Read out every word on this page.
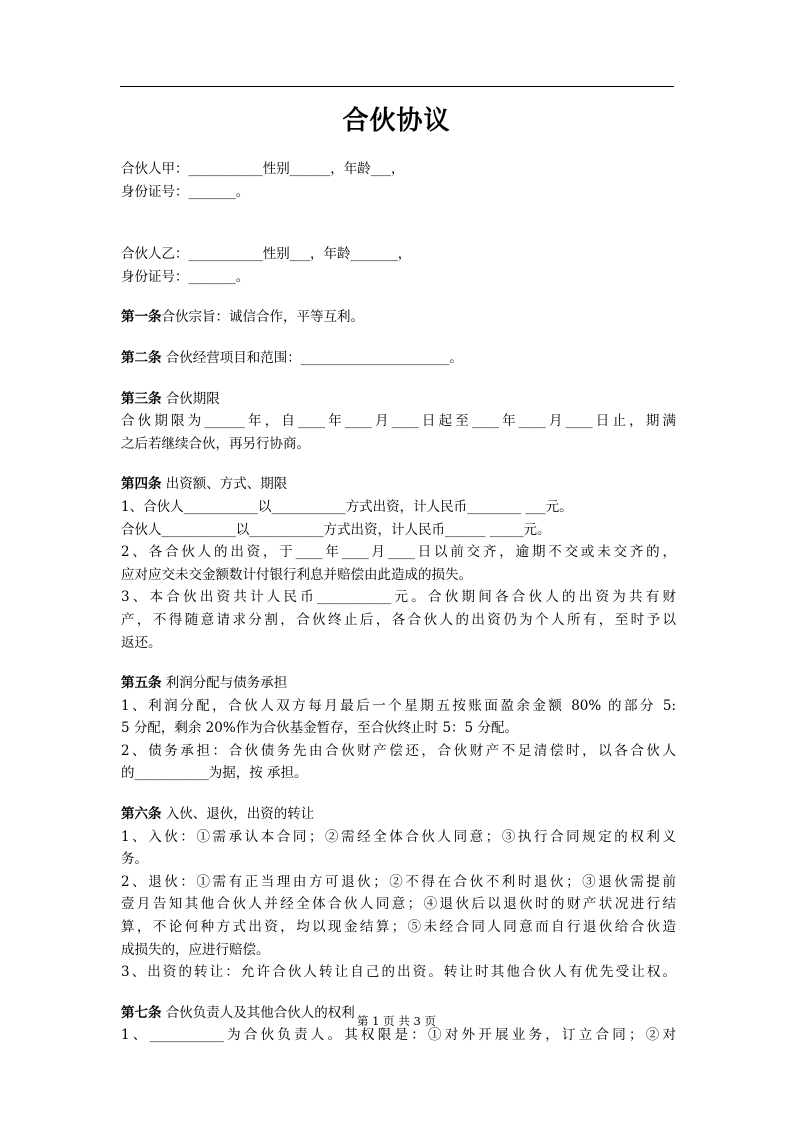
合伙协议
合伙人甲：___________性别______，年龄___，
身份证号：_______。
合伙人乙：___________性别___，年龄_______，
身份证号：_______。
第一条合伙宗旨：诚信合作，平等互利。
第二条 合伙经营项目和范围：______________________。
第三条 合伙期限
合伙期限为______年，自____年____月____日起至____年____月____日止，期满
之后若继续合伙，再另行协商。
第四条 出资额、方式、期限
1、合伙人___________以___________方式出资，计人民币________ ___元。
合伙人___________以___________方式出资，计人民币______ _____元。
2、各合伙人的出资，于____年____月____日以前交齐，逾期不交或未交齐的，
应对应交未交金额数计付银行利息并赔偿由此造成的损失。
3、本合伙出资共计人民币___________元。合伙期间各合伙人的出资为共有财
产，不得随意请求分割，合伙终止后，各合伙人的出资仍为个人所有，至时予以
返还。
第五条 利润分配与债务承担
1、利润分配，合伙人双方每月最后一个星期五按账面盈余金额 80% 的部分 5:
5 分配，剩余 20%作为合伙基金暂存，至合伙终止时 5：5 分配。
2、债务承担：合伙债务先由合伙财产偿还，合伙财产不足清偿时，以各合伙人
的___________为据，按 承担。
第六条 入伙、退伙，出资的转让
1、入伙：①需承认本合同；②需经全体合伙人同意；③执行合同规定的权利义
务。
2、退伙：①需有正当理由方可退伙；②不得在合伙不利时退伙；③退伙需提前
壹月告知其他合伙人并经全体合伙人同意；④退伙后以退伙时的财产状况进行结
算，不论何种方式出资，均以现金结算；⑤未经合同人同意而自行退伙给合伙造
成损失的，应进行赔偿。
3、出资的转让：允许合伙人转让自己的出资。转让时其他合伙人有优先受让权。
第七条 合伙负责人及其他合伙人的权利
1、___________为合伙负责人。其权限是：①对外开展业务，订立合同；②对
第 1 页 共 3 页
